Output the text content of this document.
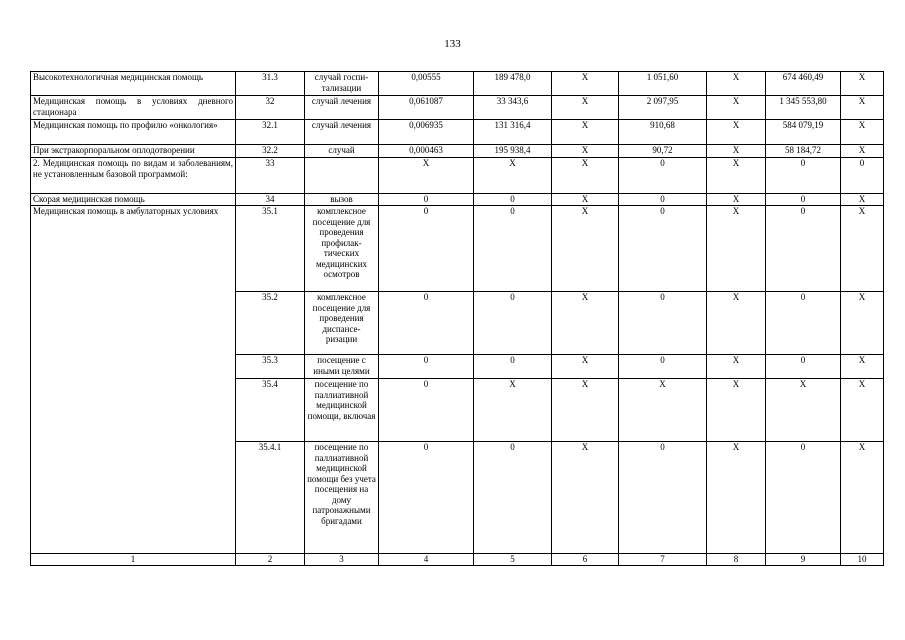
133
Высокотехнологичная медицинская помощь	31.3	случай госпи-тализации	0,00555	189 478,0	X	1 051,60	X	674 460,49	X
Медицинская помощь в условиях дневного стационара	32	случай лечения	0,061087	33 343,6	X	2 097,95	X	1 345 553,80	X
Медицинская помощь по профилю «онкология»	32.1	случай лечения	0,006935	131 316,4	X	910,68	X	584 079,19	X
При экстракорпоральном оплодотворении	32.2	случай	0,000463	195 938,4	X	90,72	X	58 184,72	X
2. Медицинская помощь по видам и заболеваниям, не установленным базовой программой:	33		X	X	X	0	X	0	0
Скорая медицинская помощь	34	вызов	0	0	X	0	X	0	X
Медицинская помощь в амбулаторных условиях	35.1	комплексное посещение для проведения профилак-тических медицинских осмотров	0	0	X	0	X	0	X
	35.2	комплексное посещение для проведения диспансе-ризации	0	0	X	0	X	0	X
	35.3	посещение с иными целями	0	0	X	0	X	0	X
	35.4	посещение по паллиативной медицинской помощи, включая	0	X	X	X	X	X	X
	35.4.1	посещение по паллиативной медицинской помощи без учета посещения на дому патронажными бригадами	0	0	X	0	X	0	X
1	2	3	4	5	6	7	8	9	10
